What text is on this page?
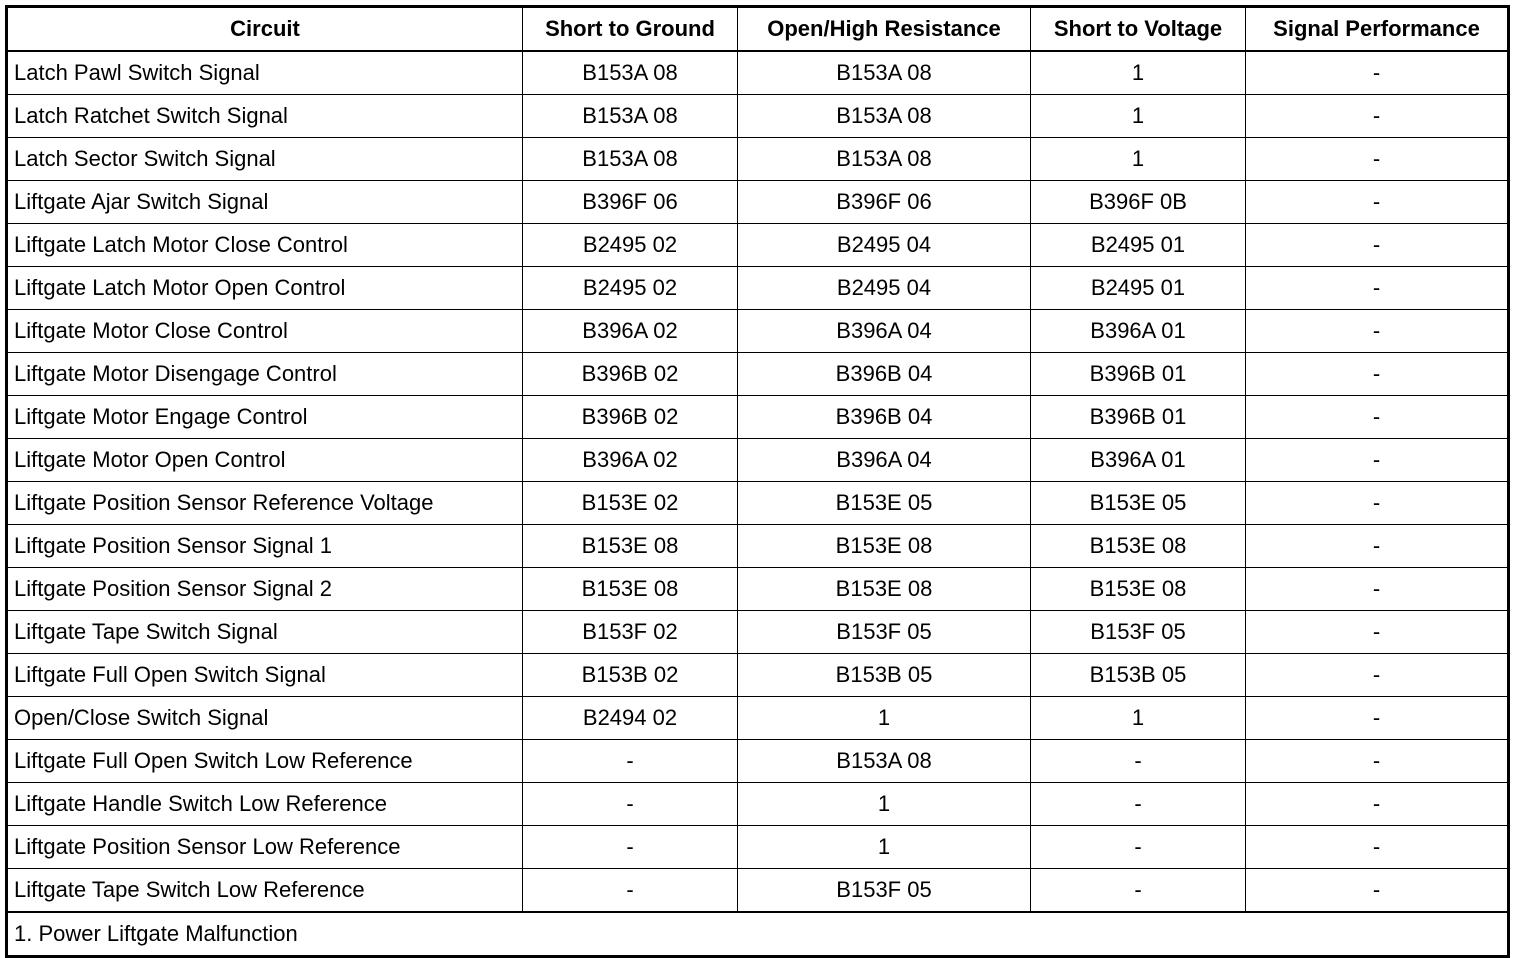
Circuit	Short to Ground	Open/High Resistance	Short to Voltage	Signal Performance
Latch Pawl Switch Signal	B153A 08	B153A 08	1	-
Latch Ratchet Switch Signal	B153A 08	B153A 08	1	-
Latch Sector Switch Signal	B153A 08	B153A 08	1	-
Liftgate Ajar Switch Signal	B396F 06	B396F 06	B396F 0B	-
Liftgate Latch Motor Close Control	B2495 02	B2495 04	B2495 01	-
Liftgate Latch Motor Open Control	B2495 02	B2495 04	B2495 01	-
Liftgate Motor Close Control	B396A 02	B396A 04	B396A 01	-
Liftgate Motor Disengage Control	B396B 02	B396B 04	B396B 01	-
Liftgate Motor Engage Control	B396B 02	B396B 04	B396B 01	-
Liftgate Motor Open Control	B396A 02	B396A 04	B396A 01	-
Liftgate Position Sensor Reference Voltage	B153E 02	B153E 05	B153E 05	-
Liftgate Position Sensor Signal 1	B153E 08	B153E 08	B153E 08	-
Liftgate Position Sensor Signal 2	B153E 08	B153E 08	B153E 08	-
Liftgate Tape Switch Signal	B153F 02	B153F 05	B153F 05	-
Liftgate Full Open Switch Signal	B153B 02	B153B 05	B153B 05	-
Open/Close Switch Signal	B2494 02	1	1	-
Liftgate Full Open Switch Low Reference	-	B153A 08	-	-
Liftgate Handle Switch Low Reference	-	1	-	-
Liftgate Position Sensor Low Reference	-	1	-	-
Liftgate Tape Switch Low Reference	-	B153F 05	-	-
1. Power Liftgate Malfunction				
